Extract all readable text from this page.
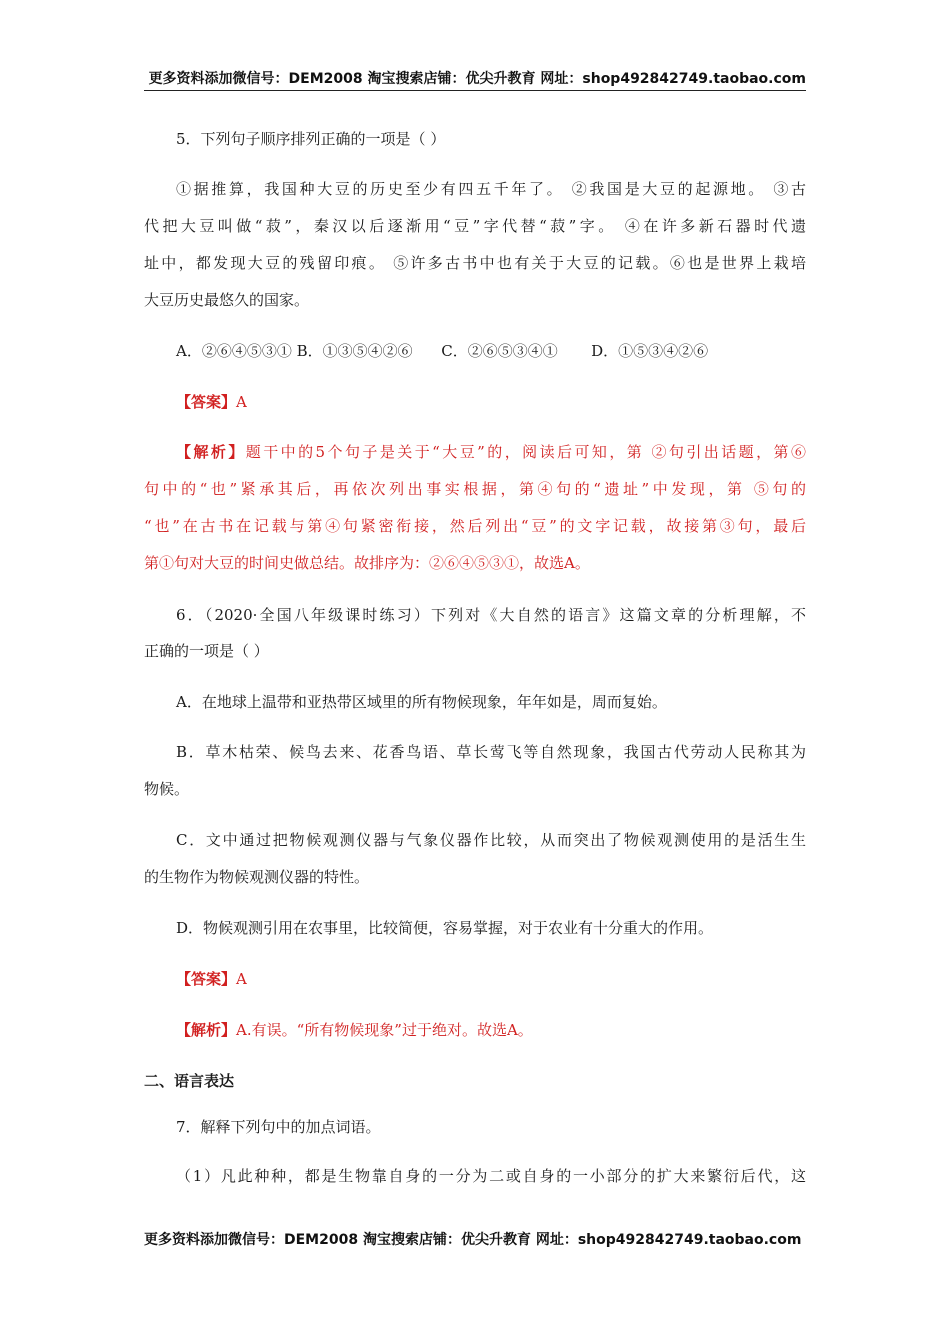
更多资料添加微信号：DEM2008 淘宝搜索店铺：优尖升教育 网址：shop492842749.taobao.com
5．下列句子顺序排列正确的一项是（ ）
①据推算，我国种大豆的历史至少有四五千年了。 ②我国是大豆的起源地。 ③古
代把大豆叫做“菽”，秦汉以后逐渐用“豆”字代替“菽”字。 ④在许多新石器时代遗
址中，都发现大豆的残留印痕。 ⑤许多古书中也有关于大豆的记载。⑥也是世界上栽培
大豆历史最悠久的国家。
A．②⑥④⑤③① B．①③⑤④②⑥      C．②⑥⑤③④①       D．①⑤③④②⑥
【答案】A
【解析】题干中的5个句子是关于“大豆”的，阅读后可知，第 ②句引出话题，第⑥
句中的“也”紧承其后，再依次列出事实根据，第④句的“遗址”中发现，第 ⑤句的
“也”在古书在记载与第④句紧密衔接，然后列出“豆”的文字记载，故接第③句，最后
第①句对大豆的时间史做总结。故排序为：②⑥④⑤③①，故选A。
6．（2020·全国八年级课时练习）下列对《大自然的语言》这篇文章的分析理解，不
正确的一项是（ ）
A．在地球上温带和亚热带区域里的所有物候现象，年年如是，周而复始。
B．草木枯荣、候鸟去来、花香鸟语、草长莺飞等自然现象，我国古代劳动人民称其为
物候。
C．文中通过把物候观测仪器与气象仪器作比较，从而突出了物候观测使用的是活生生
的生物作为物候观测仪器的特性。
D．物候观测引用在农事里，比较简便，容易掌握，对于农业有十分重大的作用。
【答案】A
【解析】A.有误。“所有物候现象”过于绝对。故选A。
二、语言表达
7．解释下列句中的加点词语。
（1）凡此种种，都是生物靠自身的一分为二或自身的一小部分的扩大来繁衍后代，这
更多资料添加微信号：DEM2008 淘宝搜索店铺：优尖升教育 网址：shop492842749.taobao.com
